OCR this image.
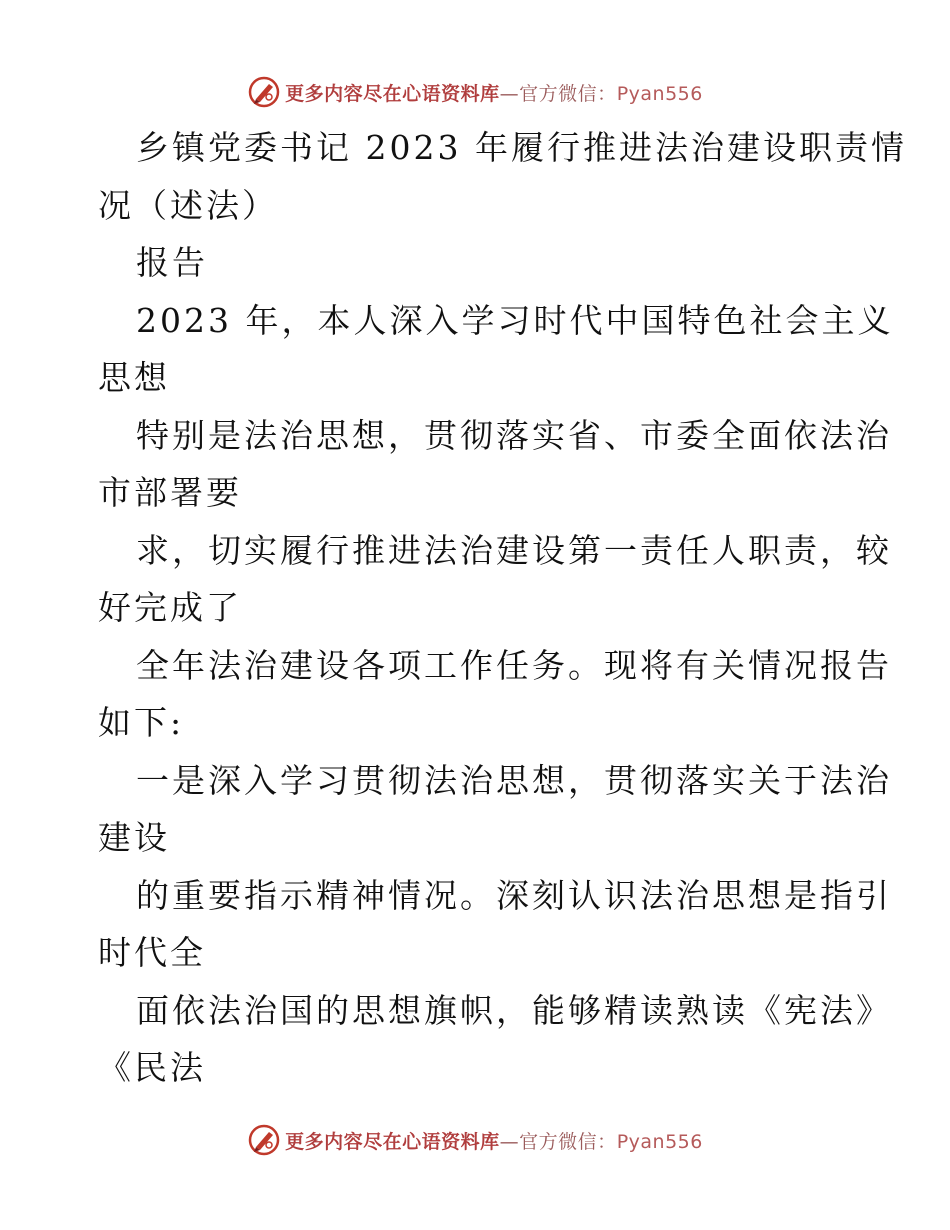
更多内容尽在心语资料库—官方微信：Pyan556
乡镇党委书记 2023 年履行推进法治建设职责情
况（述法）
报告
2023 年，本人深入学习时代中国特色社会主义
思想
特别是法治思想，贯彻落实省、市委全面依法治
市部署要
求，切实履行推进法治建设第一责任人职责，较
好完成了
全年法治建设各项工作任务。现将有关情况报告
如下:
一是深入学习贯彻法治思想，贯彻落实关于法治
建设
的重要指示精神情况。深刻认识法治思想是指引
时代全
面依法治国的思想旗帜，能够精读熟读《宪法》
《民法
更多内容尽在心语资料库—官方微信：Pyan556
